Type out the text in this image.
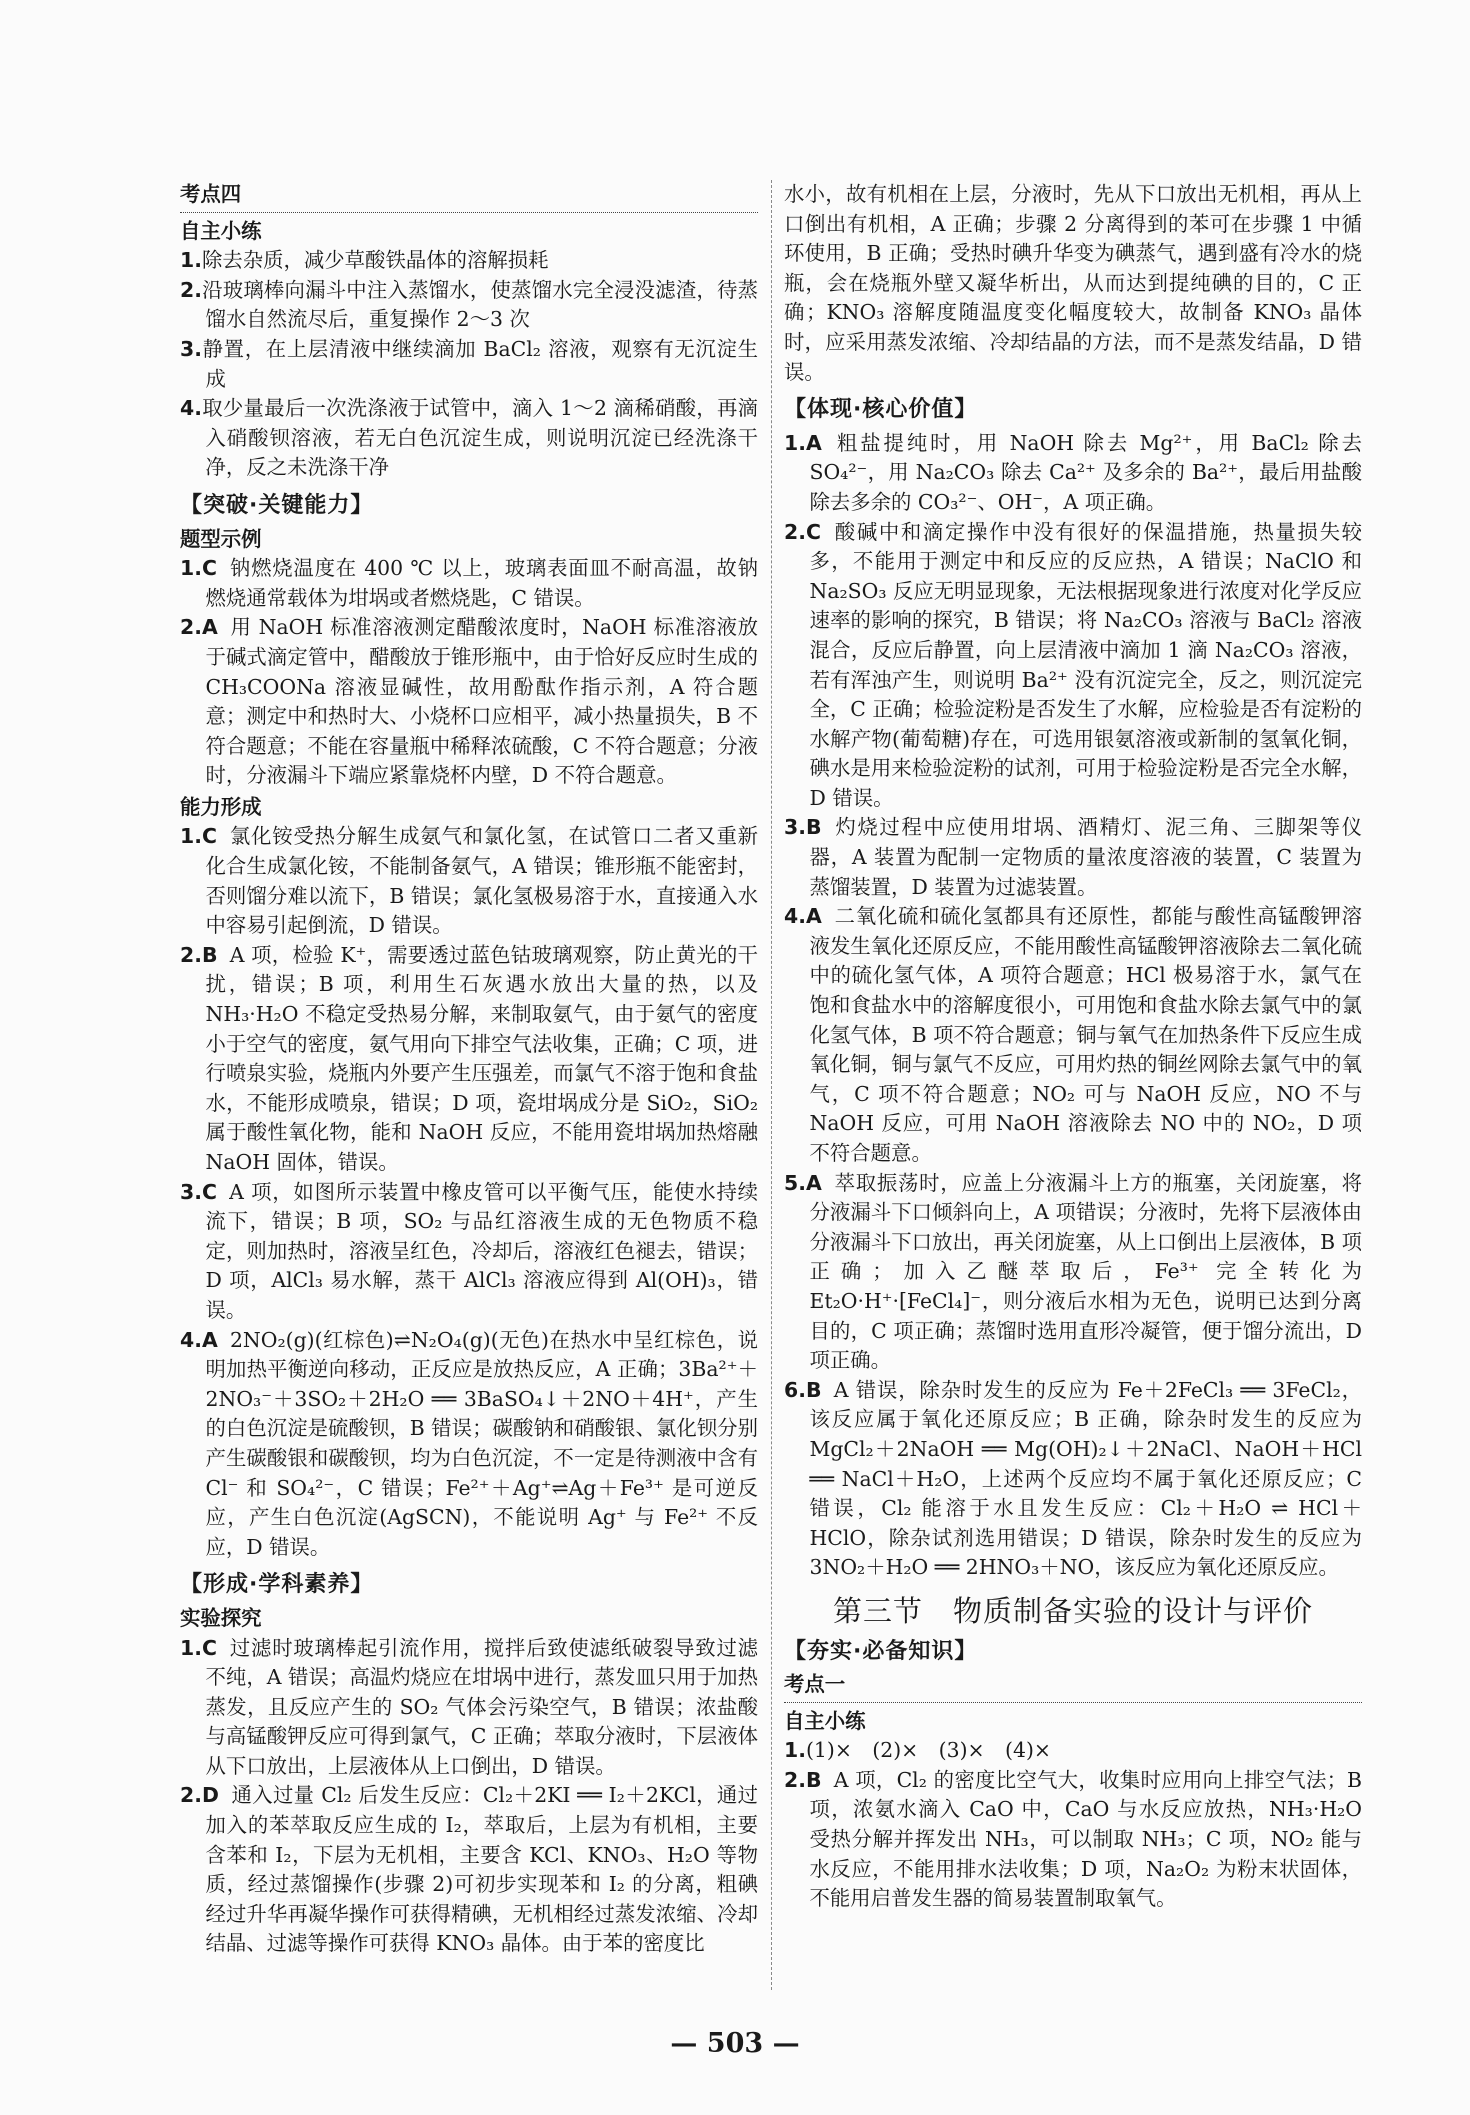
考点四

自主小练

1.除去杂质，减少草酸铁晶体的溶解损耗

2.沿玻璃棒向漏斗中注入蒸馏水，使蒸馏水完全浸没滤渣，待蒸馏水自然流尽后，重复操作 2～3 次

3.静置，在上层清液中继续滴加 BaCl₂ 溶液，观察有无沉淀生成

4.取少量最后一次洗涤液于试管中，滴入 1～2 滴稀硝酸，再滴入硝酸钡溶液，若无白色沉淀生成，则说明沉淀已经洗涤干净，反之未洗涤干净

【突破·关键能力】

题型示例

1.C 钠燃烧温度在 400 ℃ 以上，玻璃表面皿不耐高温，故钠燃烧通常载体为坩埚或者燃烧匙，C 错误。

2.A 用 NaOH 标准溶液测定醋酸浓度时，NaOH 标准溶液放于碱式滴定管中，醋酸放于锥形瓶中，由于恰好反应时生成的 CH₃COONa 溶液显碱性，故用酚酞作指示剂，A 符合题意；测定中和热时大、小烧杯口应相平，减小热量损失，B 不符合题意；不能在容量瓶中稀释浓硫酸，C 不符合题意；分液时，分液漏斗下端应紧靠烧杯内壁，D 不符合题意。

能力形成

1.C 氯化铵受热分解生成氨气和氯化氢，在试管口二者又重新化合生成氯化铵，不能制备氨气，A 错误；锥形瓶不能密封，否则馏分难以流下，B 错误；氯化氢极易溶于水，直接通入水中容易引起倒流，D 错误。

2.B A 项，检验 K⁺，需要透过蓝色钴玻璃观察，防止黄光的干扰，错误；B 项，利用生石灰遇水放出大量的热，以及 NH₃·H₂O 不稳定受热易分解，来制取氨气，由于氨气的密度小于空气的密度，氨气用向下排空气法收集，正确；C 项，进行喷泉实验，烧瓶内外要产生压强差，而氯气不溶于饱和食盐水，不能形成喷泉，错误；D 项，瓷坩埚成分是 SiO₂，SiO₂ 属于酸性氧化物，能和 NaOH 反应，不能用瓷坩埚加热熔融 NaOH 固体，错误。

3.C A 项，如图所示装置中橡皮管可以平衡气压，能使水持续流下，错误；B 项，SO₂ 与品红溶液生成的无色物质不稳定，则加热时，溶液呈红色，冷却后，溶液红色褪去，错误；D 项，AlCl₃ 易水解，蒸干 AlCl₃ 溶液应得到 Al(OH)₃，错误。

4.A 2NO₂(g)(红棕色)⇌N₂O₄(g)(无色)在热水中呈红棕色，说明加热平衡逆向移动，正反应是放热反应，A 正确；3Ba²⁺＋2NO₃⁻＋3SO₂＋2H₂O ══ 3BaSO₄↓＋2NO＋4H⁺，产生的白色沉淀是硫酸钡，B 错误；碳酸钠和硝酸银、氯化钡分别产生碳酸银和碳酸钡，均为白色沉淀，不一定是待测液中含有 Cl⁻ 和 SO₄²⁻，C 错误；Fe²⁺＋Ag⁺⇌Ag＋Fe³⁺ 是可逆反应，产生白色沉淀(AgSCN)，不能说明 Ag⁺ 与 Fe²⁺ 不反应，D 错误。

【形成·学科素养】

实验探究

1.C 过滤时玻璃棒起引流作用，搅拌后致使滤纸破裂导致过滤不纯，A 错误；高温灼烧应在坩埚中进行，蒸发皿只用于加热蒸发，且反应产生的 SO₂ 气体会污染空气，B 错误；浓盐酸与高锰酸钾反应可得到氯气，C 正确；萃取分液时，下层液体从下口放出，上层液体从上口倒出，D 错误。

2.D 通入过量 Cl₂ 后发生反应：Cl₂＋2KI ══ I₂＋2KCl，通过加入的苯萃取反应生成的 I₂，萃取后，上层为有机相，主要含苯和 I₂，下层为无机相，主要含 KCl、KNO₃、H₂O 等物质，经过蒸馏操作(步骤 2)可初步实现苯和 I₂ 的分离，粗碘经过升华再凝华操作可获得精碘，无机相经过蒸发浓缩、冷却结晶、过滤等操作可获得 KNO₃ 晶体。由于苯的密度比

水小，故有机相在上层，分液时，先从下口放出无机相，再从上口倒出有机相，A 正确；步骤 2 分离得到的苯可在步骤 1 中循环使用，B 正确；受热时碘升华变为碘蒸气，遇到盛有冷水的烧瓶，会在烧瓶外壁又凝华析出，从而达到提纯碘的目的，C 正确；KNO₃ 溶解度随温度变化幅度较大，故制备 KNO₃ 晶体时，应采用蒸发浓缩、冷却结晶的方法，而不是蒸发结晶，D 错误。

【体现·核心价值】

1.A 粗盐提纯时，用 NaOH 除去 Mg²⁺，用 BaCl₂ 除去 SO₄²⁻，用 Na₂CO₃ 除去 Ca²⁺ 及多余的 Ba²⁺，最后用盐酸除去多余的 CO₃²⁻、OH⁻，A 项正确。

2.C 酸碱中和滴定操作中没有很好的保温措施，热量损失较多，不能用于测定中和反应的反应热，A 错误；NaClO 和 Na₂SO₃ 反应无明显现象，无法根据现象进行浓度对化学反应速率的影响的探究，B 错误；将 Na₂CO₃ 溶液与 BaCl₂ 溶液混合，反应后静置，向上层清液中滴加 1 滴 Na₂CO₃ 溶液，若有浑浊产生，则说明 Ba²⁺ 没有沉淀完全，反之，则沉淀完全，C 正确；检验淀粉是否发生了水解，应检验是否有淀粉的水解产物(葡萄糖)存在，可选用银氨溶液或新制的氢氧化铜，碘水是用来检验淀粉的试剂，可用于检验淀粉是否完全水解，D 错误。

3.B 灼烧过程中应使用坩埚、酒精灯、泥三角、三脚架等仪器，A 装置为配制一定物质的量浓度溶液的装置，C 装置为蒸馏装置，D 装置为过滤装置。

4.A 二氧化硫和硫化氢都具有还原性，都能与酸性高锰酸钾溶液发生氧化还原反应，不能用酸性高锰酸钾溶液除去二氧化硫中的硫化氢气体，A 项符合题意；HCl 极易溶于水，氯气在饱和食盐水中的溶解度很小，可用饱和食盐水除去氯气中的氯化氢气体，B 项不符合题意；铜与氧气在加热条件下反应生成氧化铜，铜与氯气不反应，可用灼热的铜丝网除去氯气中的氧气，C 项不符合题意；NO₂ 可与 NaOH 反应，NO 不与 NaOH 反应，可用 NaOH 溶液除去 NO 中的 NO₂，D 项不符合题意。

5.A 萃取振荡时，应盖上分液漏斗上方的瓶塞，关闭旋塞，将分液漏斗下口倾斜向上，A 项错误；分液时，先将下层液体由分液漏斗下口放出，再关闭旋塞，从上口倒出上层液体，B 项正确；加入乙醚萃取后，Fe³⁺ 完全转化为 Et₂O·H⁺·[FeCl₄]⁻，则分液后水相为无色，说明已达到分离目的，C 项正确；蒸馏时选用直形冷凝管，便于馏分流出，D 项正确。

6.B A 错误，除杂时发生的反应为 Fe＋2FeCl₃ ══ 3FeCl₂，该反应属于氧化还原反应；B 正确，除杂时发生的反应为 MgCl₂＋2NaOH ══ Mg(OH)₂↓＋2NaCl、NaOH＋HCl ══ NaCl＋H₂O，上述两个反应均不属于氧化还原反应；C 错误，Cl₂ 能溶于水且发生反应：Cl₂＋H₂O ⇌ HCl＋HClO，除杂试剂选用错误；D 错误，除杂时发生的反应为 3NO₂＋H₂O ══ 2HNO₃＋NO，该反应为氧化还原反应。

第三节　物质制备实验的设计与评价

【夯实·必备知识】

考点一

自主小练

1.(1)×　(2)×　(3)×　(4)×

2.B A 项，Cl₂ 的密度比空气大，收集时应用向上排空气法；B 项，浓氨水滴入 CaO 中，CaO 与水反应放热，NH₃·H₂O 受热分解并挥发出 NH₃，可以制取 NH₃；C 项，NO₂ 能与水反应，不能用排水法收集；D 项，Na₂O₂ 为粉末状固体，不能用启普发生器的简易装置制取氧气。

— 503 —
